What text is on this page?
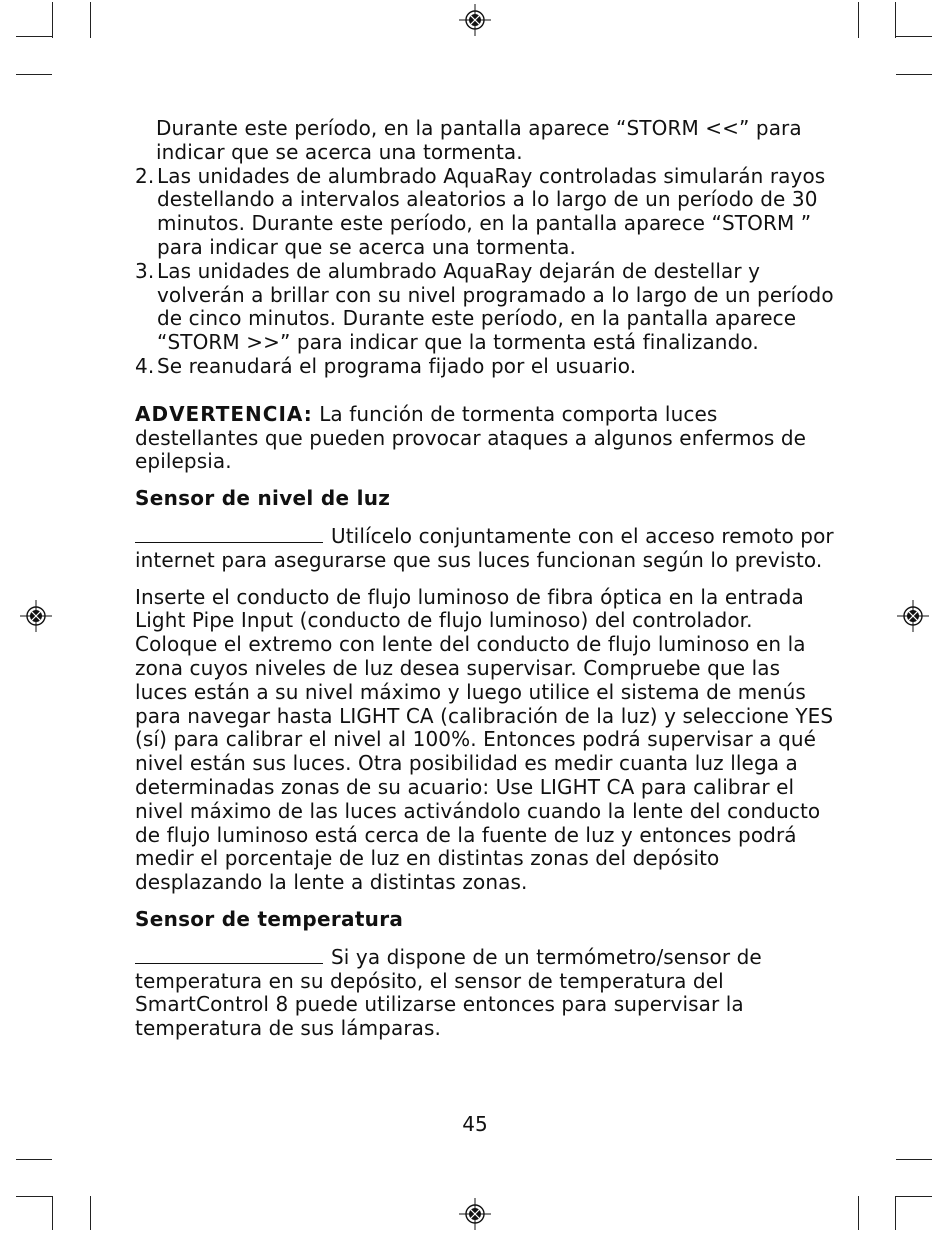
Durante este período, en la pantalla aparece “STORM <<” para indicar que se acerca una tormenta.

2. Las unidades de alumbrado AquaRay controladas simularán rayos destellando a intervalos aleatorios a lo largo de un período de 30 minutos. Durante este período, en la pantalla aparece “STORM ” para indicar que se acerca una tormenta.
3. Las unidades de alumbrado AquaRay dejarán de destellar y volverán a brillar con su nivel programado a lo largo de un período de cinco minutos. Durante este período, en la pantalla aparece “STORM >>” para indicar que la tormenta está finalizando.
4. Se reanudará el programa fijado por el usuario.

ADVERTENCIA: La función de tormenta comporta luces destellantes que pueden provocar ataques a algunos enfermos de epilepsia.

Sensor de nivel de luz

Utilícelo conjuntamente con el acceso remoto por internet para asegurarse que sus luces funcionan según lo previsto.

Inserte el conducto de flujo luminoso de fibra óptica en la entrada Light Pipe Input (conducto de flujo luminoso) del controlador. Coloque el extremo con lente del conducto de flujo luminoso en la zona cuyos niveles de luz desea supervisar. Compruebe que las luces están a su nivel máximo y luego utilice el sistema de menús para navegar hasta LIGHT CA (calibración de la luz) y seleccione YES (sí) para calibrar el nivel al 100%. Entonces podrá supervisar a qué nivel están sus luces. Otra posibilidad es medir cuanta luz llega a determinadas zonas de su acuario: Use LIGHT CA para calibrar el nivel máximo de las luces activándolo cuando la lente del conducto de flujo luminoso está cerca de la fuente de luz y entonces podrá medir el porcentaje de luz en distintas zonas del depósito desplazando la lente a distintas zonas.

Sensor de temperatura

Si ya dispone de un termómetro/sensor de temperatura en su depósito, el sensor de temperatura del SmartControl 8 puede utilizarse entonces para supervisar la temperatura de sus lámparas.

45
